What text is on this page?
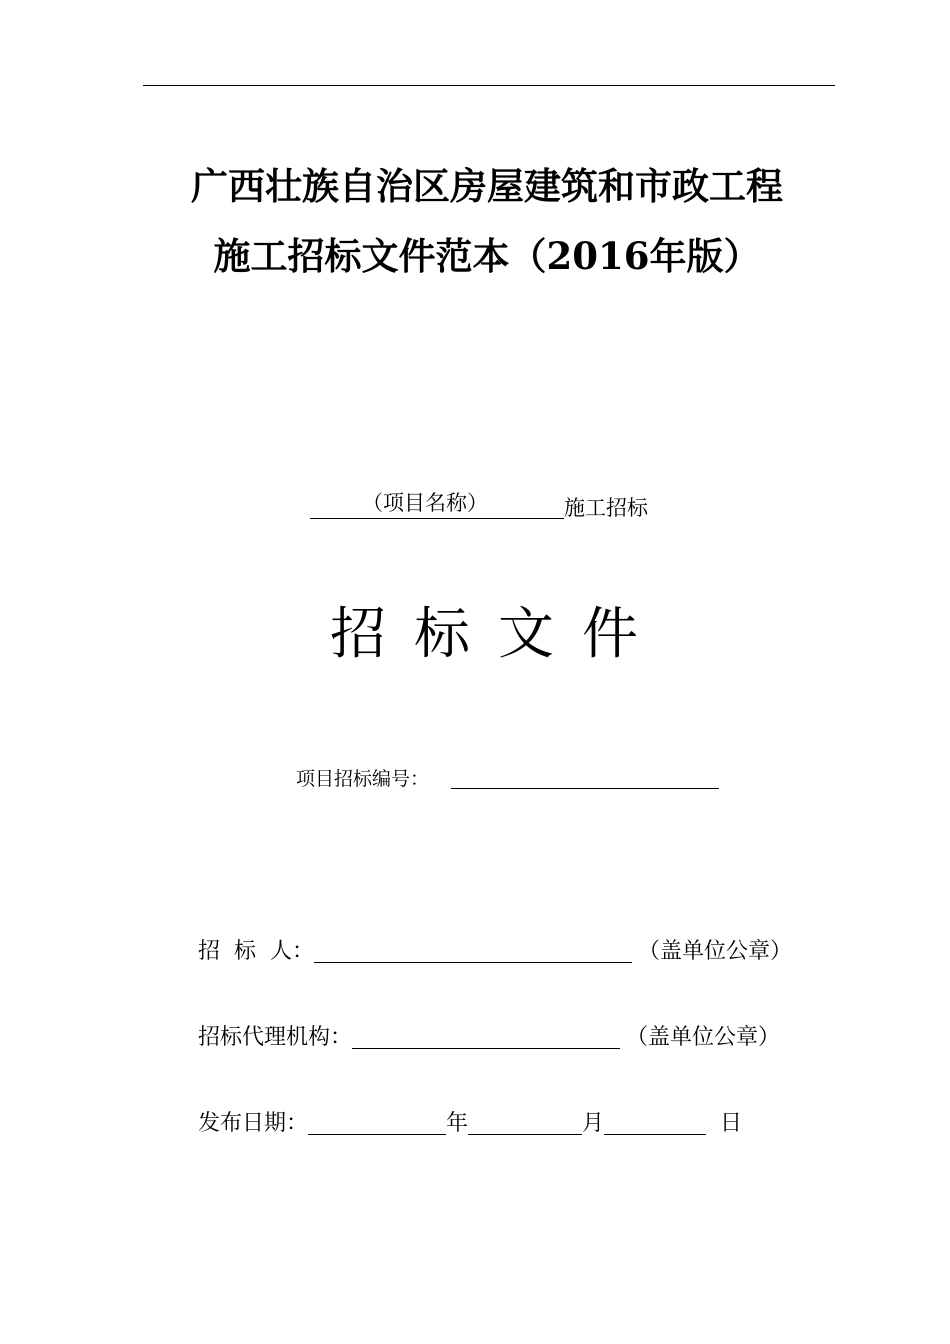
广西壮族自治区房屋建筑和市政工程
施工招标文件范本（2016年版）
（项目名称）	施工招标
招标文件
项目招标编号：
招  标  人：	（盖单位公章）
招标代理机构：	（盖单位公章）
发布日期：	年	月	日
